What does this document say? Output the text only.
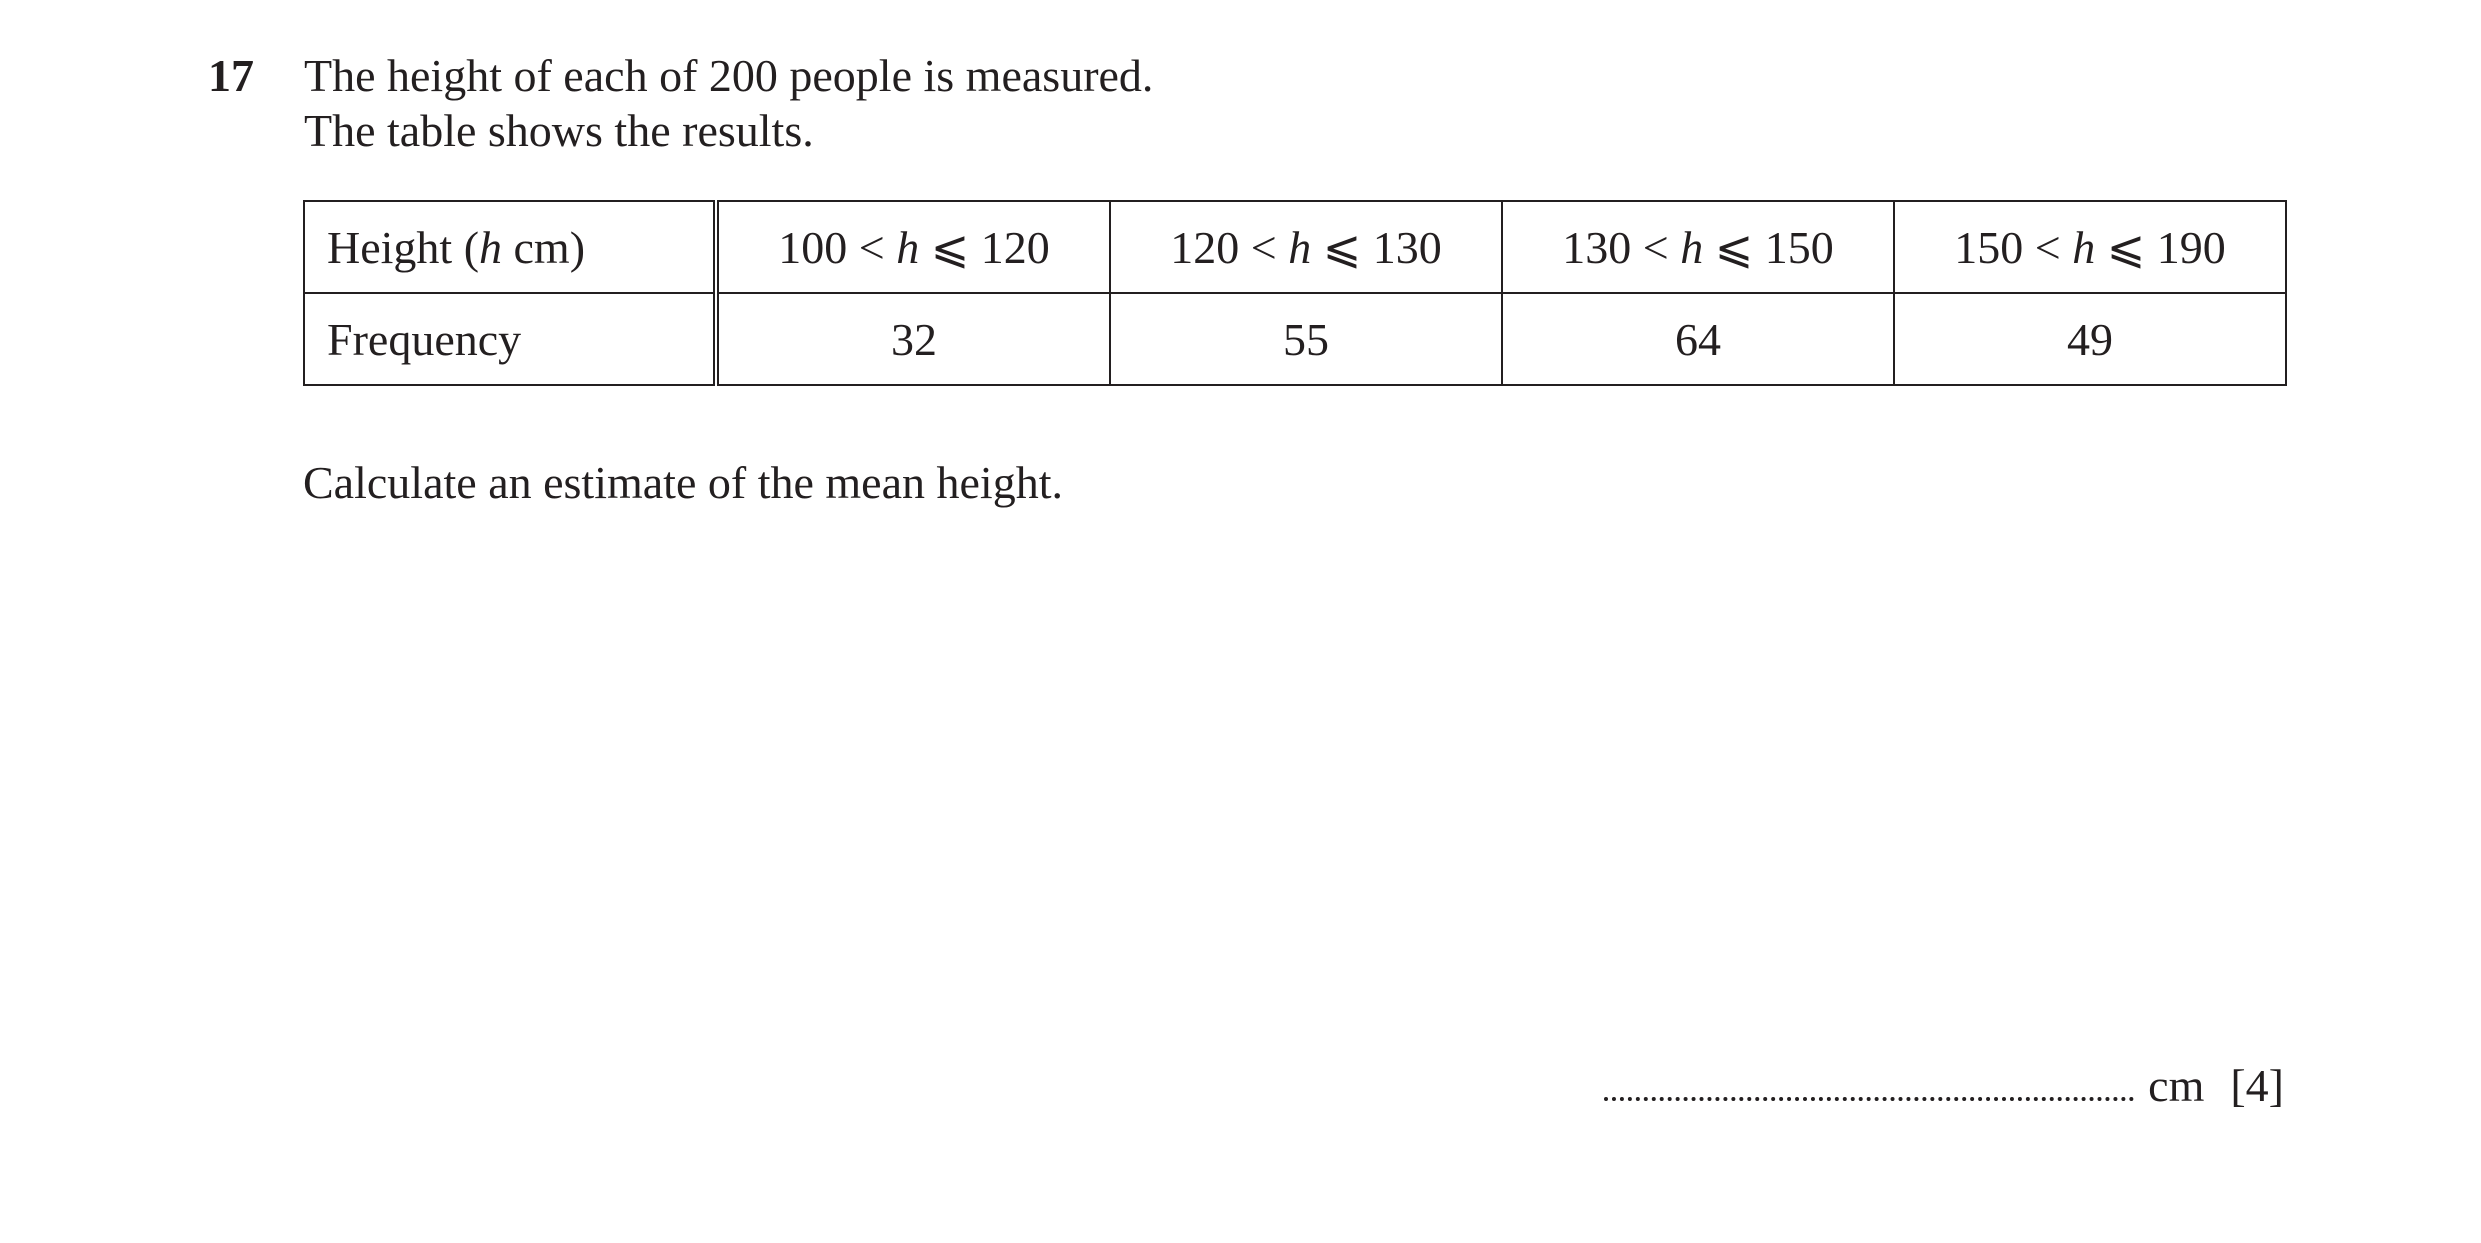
17 The height of each of 200 people is measured.
The table shows the results.
Height (h cm)	100 < h ⩽ 120	120 < h ⩽ 130	130 < h ⩽ 150	150 < h ⩽ 190
Frequency	32	55	64	49
Calculate an estimate of the mean height.
cm [4]
